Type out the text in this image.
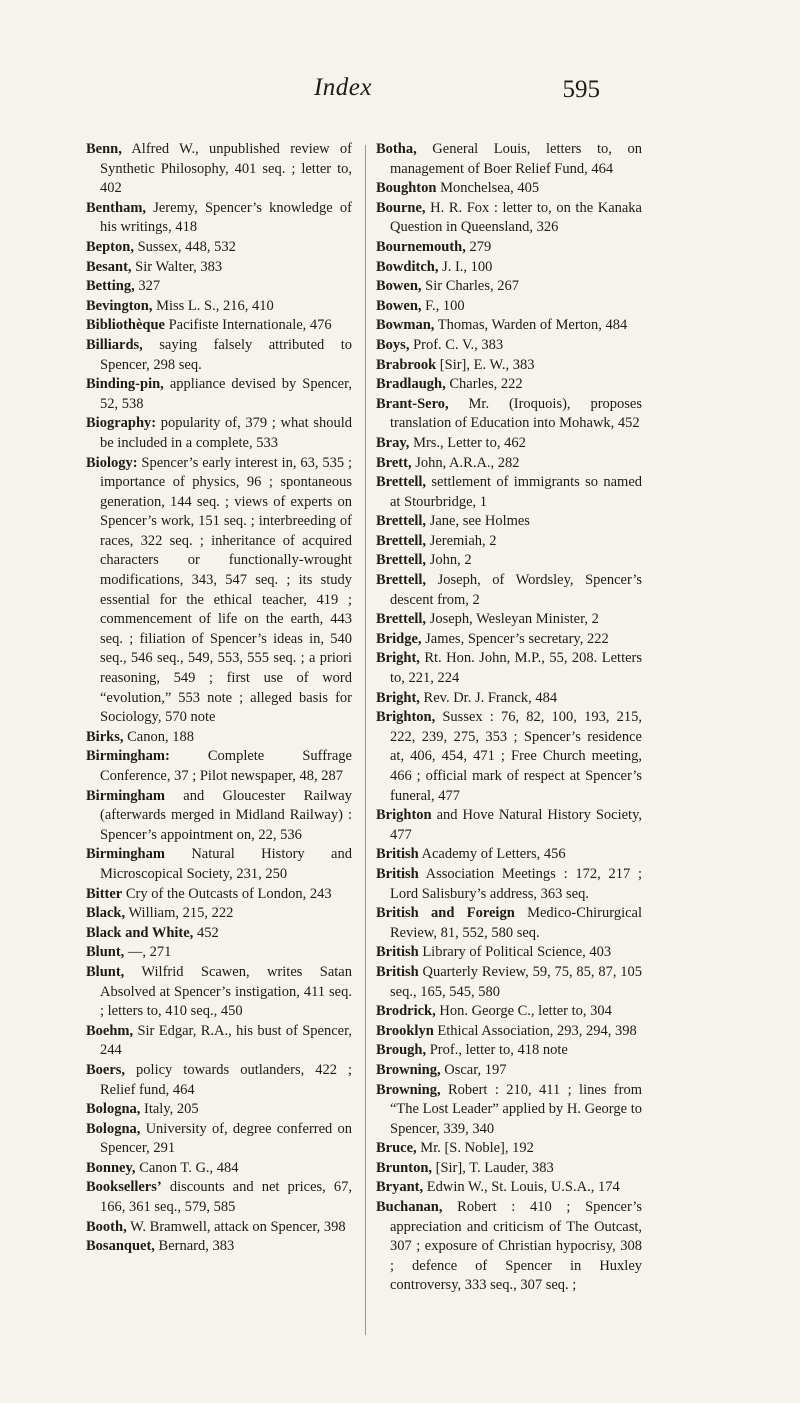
Index	595
Benn, Alfred W., unpublished review of Synthetic Philosophy, 401 seq. ; letter to, 402
Bentham, Jeremy, Spencer’s knowledge of his writings, 418
Bepton, Sussex, 448, 532
Besant, Sir Walter, 383
Betting, 327
Bevington, Miss L. S., 216, 410
Bibliothèque Pacifiste Internationale, 476
Billiards, saying falsely attributed to Spencer, 298 seq.
Binding-pin, appliance devised by Spencer, 52, 538
Biography: popularity of, 379 ; what should be included in a complete, 533
Biology: Spencer’s early interest in, 63, 535 ; importance of physics, 96 ; spontaneous generation, 144 seq. ; views of experts on Spencer’s work, 151 seq. ; interbreeding of races, 322 seq. ; inheritance of acquired characters or functionally-wrought modifications, 343, 547 seq. ; its study essential for the ethical teacher, 419 ; commencement of life on the earth, 443 seq. ; filiation of Spencer’s ideas in, 540 seq., 546 seq., 549, 553, 555 seq. ; a priori reasoning, 549 ; first use of word “evolution,” 553 note ; alleged basis for Sociology, 570 note
Birks, Canon, 188
Birmingham: Complete Suffrage Conference, 37 ; Pilot newspaper, 48, 287
Birmingham and Gloucester Railway (afterwards merged in Midland Railway) : Spencer’s appointment on, 22, 536
Birmingham Natural History and Microscopical Society, 231, 250
Bitter Cry of the Outcasts of London, 243
Black, William, 215, 222
Black and White, 452
Blunt, —, 271
Blunt, Wilfrid Scawen, writes Satan Absolved at Spencer’s instigation, 411 seq. ; letters to, 410 seq., 450
Boehm, Sir Edgar, R.A., his bust of Spencer, 244
Boers, policy towards outlanders, 422 ; Relief fund, 464
Bologna, Italy, 205
Bologna, University of, degree conferred on Spencer, 291
Bonney, Canon T. G., 484
Booksellers’ discounts and net prices, 67, 166, 361 seq., 579, 585
Booth, W. Bramwell, attack on Spencer, 398
Bosanquet, Bernard, 383
Botha, General Louis, letters to, on management of Boer Relief Fund, 464
Boughton Monchelsea, 405
Bourne, H. R. Fox : letter to, on the Kanaka Question in Queensland, 326
Bournemouth, 279
Bowditch, J. I., 100
Bowen, Sir Charles, 267
Bowen, F., 100
Bowman, Thomas, Warden of Merton, 484
Boys, Prof. C. V., 383
Brabrook [Sir], E. W., 383
Bradlaugh, Charles, 222
Brant-Sero, Mr. (Iroquois), proposes translation of Education into Mohawk, 452
Bray, Mrs., Letter to, 462
Brett, John, A.R.A., 282
Brettell, settlement of immigrants so named at Stourbridge, 1
Brettell, Jane, see Holmes
Brettell, Jeremiah, 2
Brettell, John, 2
Brettell, Joseph, of Wordsley, Spencer’s descent from, 2
Brettell, Joseph, Wesleyan Minister, 2
Bridge, James, Spencer’s secretary, 222
Bright, Rt. Hon. John, M.P., 55, 208. Letters to, 221, 224
Bright, Rev. Dr. J. Franck, 484
Brighton, Sussex : 76, 82, 100, 193, 215, 222, 239, 275, 353 ; Spencer’s residence at, 406, 454, 471 ; Free Church meeting, 466 ; official mark of respect at Spencer’s funeral, 477
Brighton and Hove Natural History Society, 477
British Academy of Letters, 456
British Association Meetings : 172, 217 ; Lord Salisbury’s address, 363 seq.
British and Foreign Medico-Chirurgical Review, 81, 552, 580 seq.
British Library of Political Science, 403
British Quarterly Review, 59, 75, 85, 87, 105 seq., 165, 545, 580
Brodrick, Hon. George C., letter to, 304
Brooklyn Ethical Association, 293, 294, 398
Brough, Prof., letter to, 418 note
Browning, Oscar, 197
Browning, Robert : 210, 411 ; lines from “The Lost Leader” applied by H. George to Spencer, 339, 340
Bruce, Mr. [S. Noble], 192
Brunton, [Sir], T. Lauder, 383
Bryant, Edwin W., St. Louis, U.S.A., 174
Buchanan, Robert : 410 ; Spencer’s appreciation and criticism of The Outcast, 307 ; exposure of Christian hypocrisy, 308 ; defence of Spencer in Huxley controversy, 333 seq., 307 seq. ;
